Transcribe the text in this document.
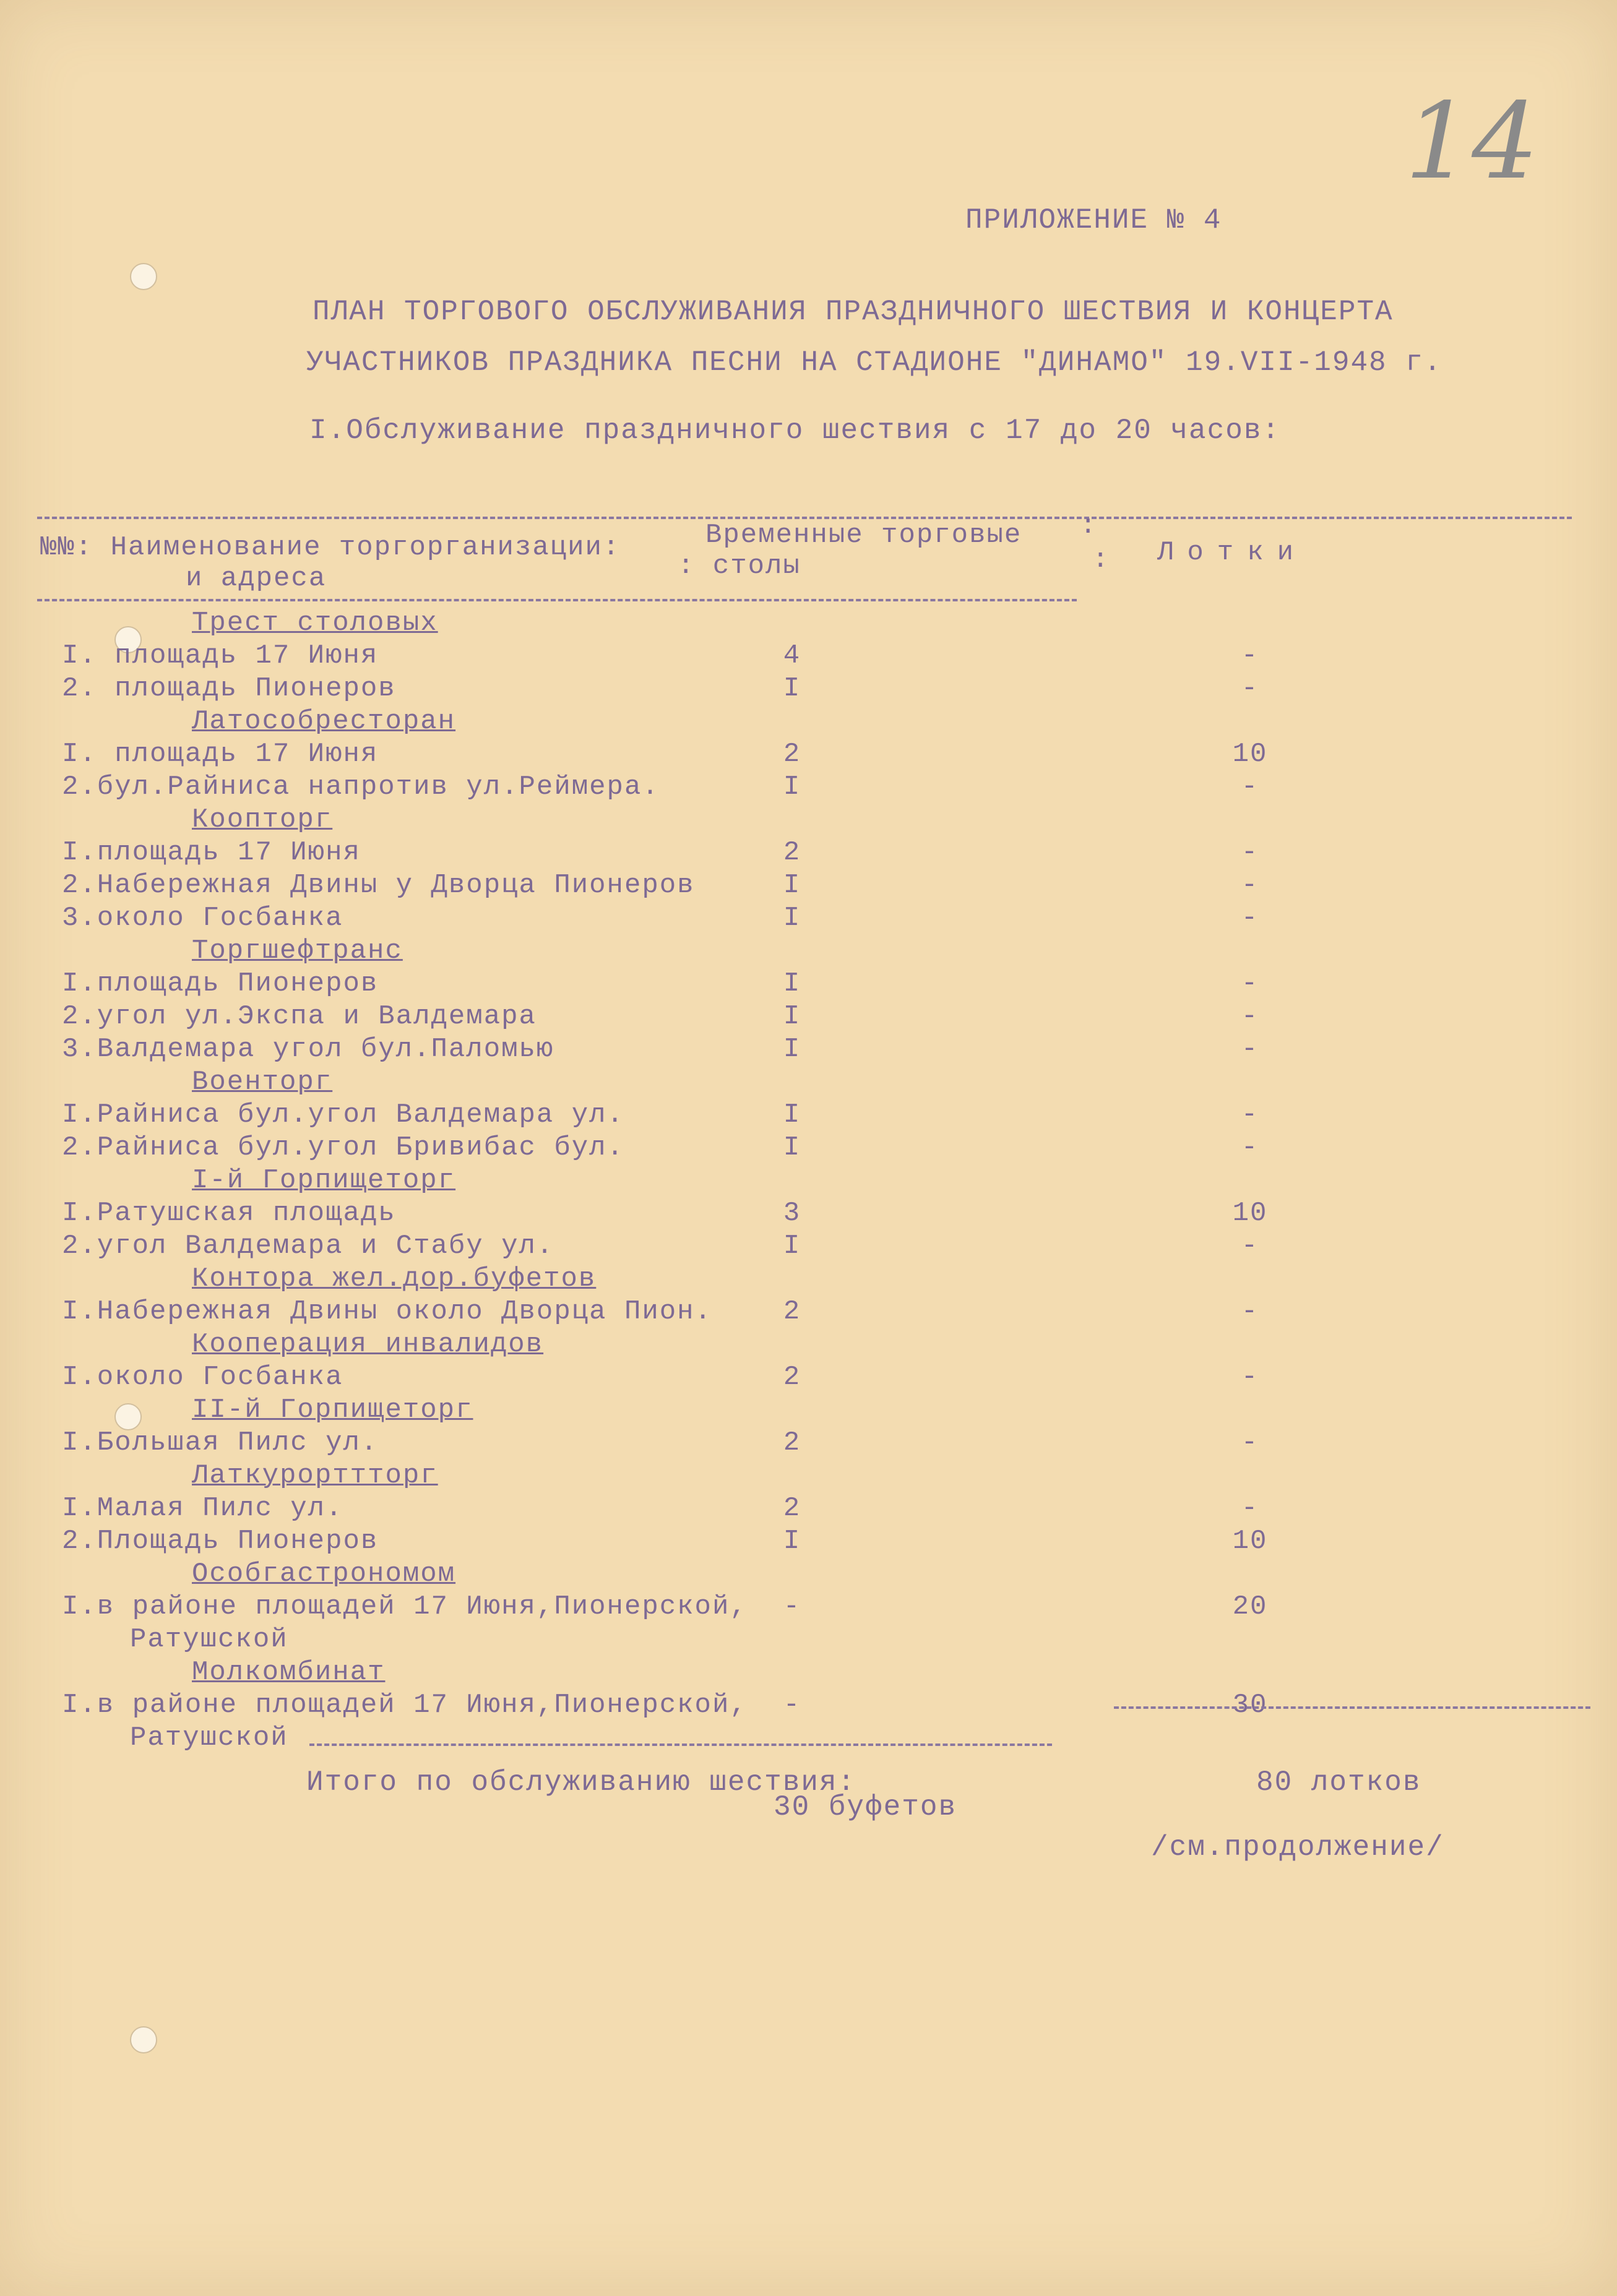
14
ПРИЛОЖЕНИЕ № 4
ПЛАН ТОРГОВОГО ОБСЛУЖИВАНИЯ ПРАЗДНИЧНОГО ШЕСТВИЯ И КОНЦЕРТА
УЧАСТНИКОВ ПРАЗДНИКА ПЕСНИ НА СТАДИОНЕ "ДИНАМО" 19.VII-1948 г.
I.Обслуживание праздничного шествия с 17 до 20 часов:
№№: Наименование торгорганизации:
и адреса
Временные торговые
: столы
:
: Лотки
Трест столовых
I. площадь 17 Июня	4	-
2. площадь Пионеров	I	-
Латособресторан
I. площадь 17 Июня	2	10
2.бул.Райниса напротив ул.Реймера.	I	-
Коопторг
I.площадь 17 Июня	2	-
2.Набережная Двины у Дворца Пионеров	I	-
3.около Госбанка	I	-
Торгшефтранс
I.площадь Пионеров	I	-
2.угол ул.Экспа и Валдемара	I	-
3.Валдемара угол бул.Паломью	I	-
Военторг
I.Райниса бул.угол Валдемара ул.	I	-
2.Райниса бул.угол Бривибас бул.	I	-
I-й Горпищеторг
I.Ратушская площадь	3	10
2.угол Валдемара и Стабу ул.	I	-
Контора жел.дор.буфетов
I.Набережная Двины около Дворца Пион.	2	-
Кооперация инвалидов
I.около Госбанка	2	-
II-й Горпищеторг
I.Большая Пилс ул.	2	-
Латкурорттторг
I.Малая Пилс ул.	2	-
2.Площадь Пионеров	I	10
Особгастрономом
I.в районе площадей 17 Июня,Пионерской,	-	20
Ратушской
Молкомбинат
I.в районе площадей 17 Июня,Пионерской,	-	30
Ратушской
Итого по обслуживанию шествия:
30 буфетов
80 лотков
/см.продолжение/
